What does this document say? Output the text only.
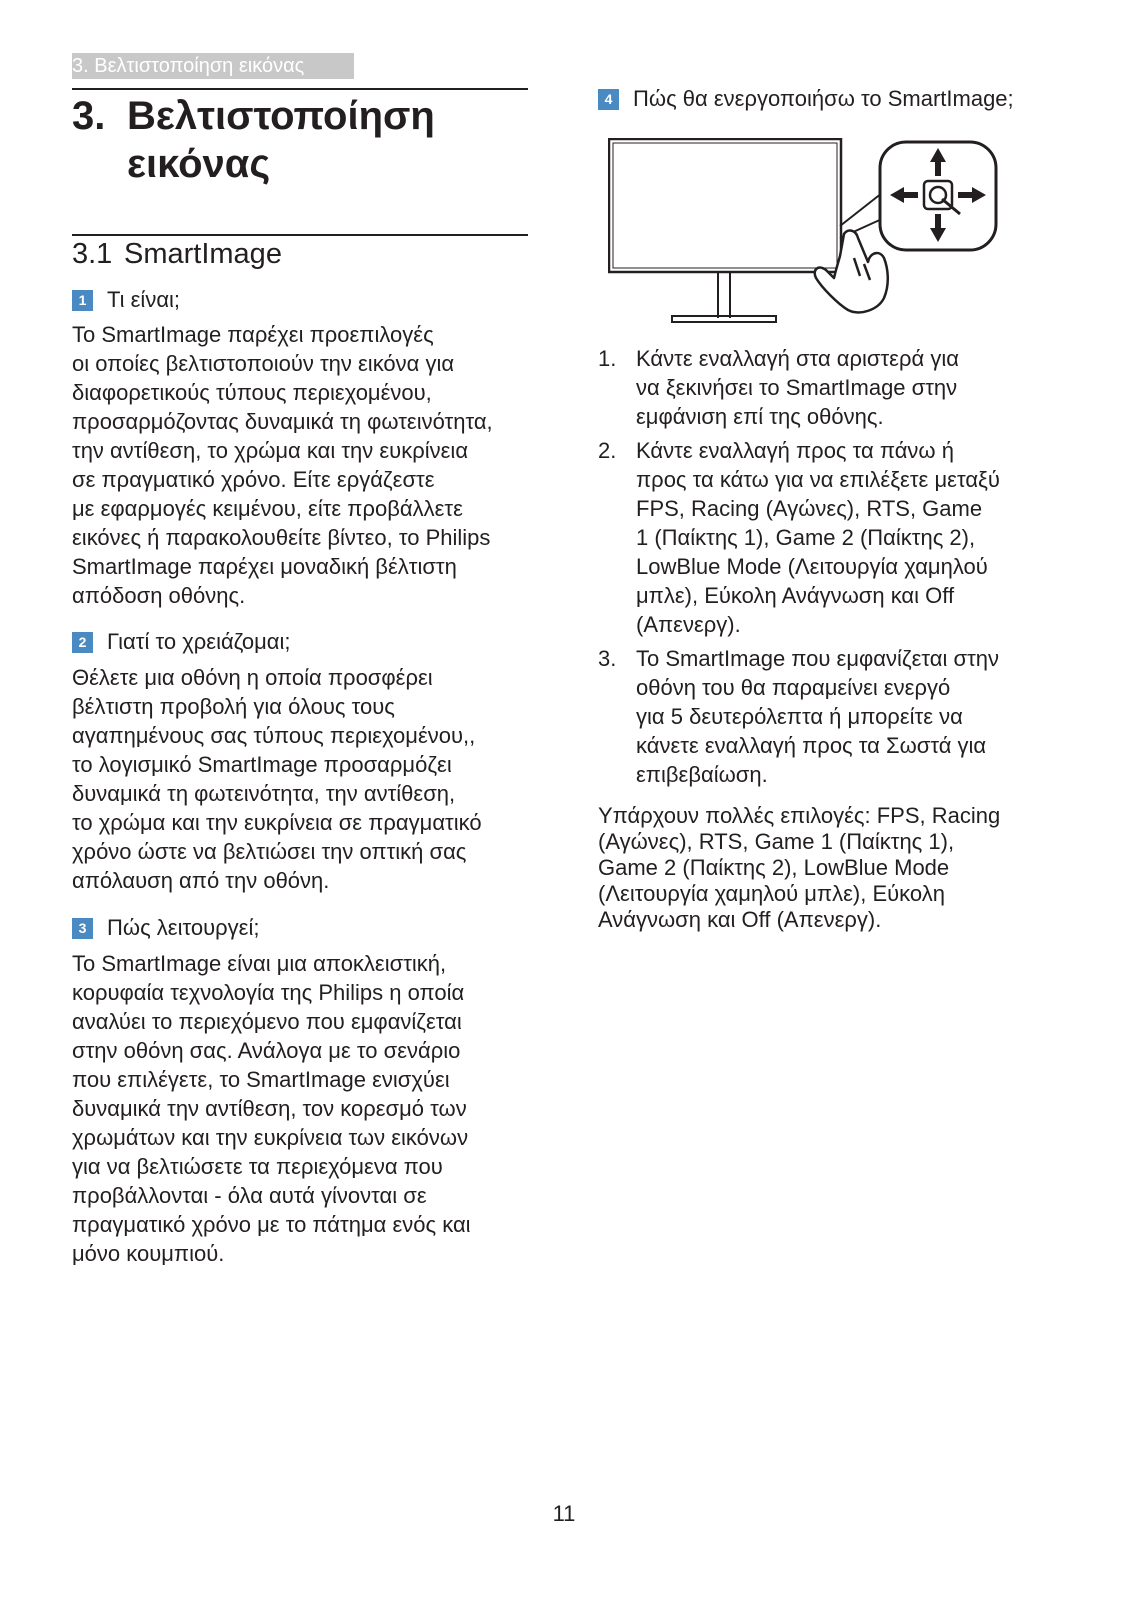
3. Βελτιστοποίηση εικόνας
3. Βελτιστοποίηση
εικόνας
3.1 SmartImage
1 Τι είναι;
Το SmartImage παρέχει προεπιλογές
οι οποίες βελτιστοποιούν την εικόνα για
διαφορετικούς τύπους περιεχομένου,
προσαρμόζοντας δυναμικά τη φωτεινότητα,
την αντίθεση, το χρώμα και την ευκρίνεια
σε πραγματικό χρόνο. Είτε εργάζεστε
με εφαρμογές κειμένου, είτε προβάλλετε
εικόνες ή παρακολουθείτε βίντεο, το Philips
SmartImage παρέχει μοναδική βέλτιστη
απόδοση οθόνης.
2 Γιατί το χρειάζομαι;
Θέλετε μια οθόνη η οποία προσφέρει
βέλτιστη προβολή για όλους τους
αγαπημένους σας τύπους περιεχομένου,,
το λογισμικό SmartImage προσαρμόζει
δυναμικά τη φωτεινότητα, την αντίθεση,
το χρώμα και την ευκρίνεια σε πραγματικό
χρόνο ώστε να βελτιώσει την οπτική σας
απόλαυση από την οθόνη.
3 Πώς λειτουργεί;
Το SmartImage είναι μια αποκλειστική,
κορυφαία τεχνολογία της Philips η οποία
αναλύει το περιεχόμενο που εμφανίζεται
στην οθόνη σας. Ανάλογα με το σενάριο
που επιλέγετε, το SmartImage ενισχύει
δυναμικά την αντίθεση, τον κορεσμό των
χρωμάτων και την ευκρίνεια των εικόνων
για να βελτιώσετε τα περιεχόμενα που
προβάλλονται - όλα αυτά γίνονται σε
πραγματικό χρόνο με το πάτημα ενός και
μόνο κουμπιού.
4 Πώς θα ενεργοποιήσω το SmartImage;
1. Κάντε εναλλαγή στα αριστερά για
να ξεκινήσει το SmartImage στην
εμφάνιση επί της οθόνης.
2. Κάντε εναλλαγή προς τα πάνω ή
προς τα κάτω για να επιλέξετε μεταξύ
FPS, Racing (Αγώνες), RTS, Game
1 (Παίκτης 1), Game 2 (Παίκτης 2),
LowBlue Mode (Λειτουργία χαμηλού
μπλε), Εύκολη Ανάγνωση και Off
(Απενεργ).
3. Το SmartImage που εμφανίζεται στην
οθόνη του θα παραμείνει ενεργό
για 5 δευτερόλεπτα ή μπορείτε να
κάνετε εναλλαγή προς τα Σωστά για
επιβεβαίωση.
Υπάρχουν πολλές επιλογές: FPS, Racing
(Αγώνες), RTS, Game 1 (Παίκτης 1),
Game 2 (Παίκτης 2), LowBlue Mode
(Λειτουργία χαμηλού μπλε), Εύκολη
Ανάγνωση και Off (Απενεργ).
11
